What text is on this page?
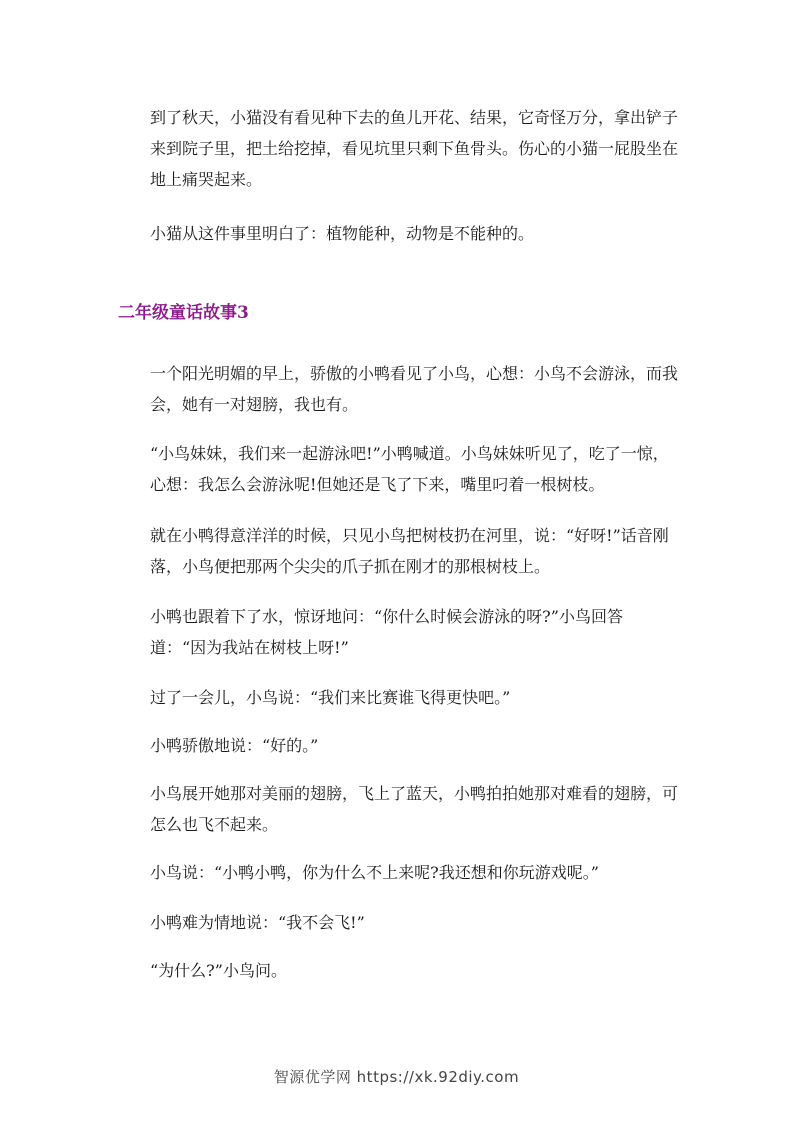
到了秋天，小猫没有看见种下去的鱼儿开花、结果，它奇怪万分，拿出铲子来到院子里，把土给挖掉，看见坑里只剩下鱼骨头。伤心的小猫一屁股坐在地上痛哭起来。

小猫从这件事里明白了：植物能种，动物是不能种的。

二年级童话故事3

一个阳光明媚的早上，骄傲的小鸭看见了小鸟，心想：小鸟不会游泳，而我会，她有一对翅膀，我也有。

“小鸟妹妹，我们来一起游泳吧!”小鸭喊道。小鸟妹妹听见了，吃了一惊，心想：我怎么会游泳呢!但她还是飞了下来，嘴里叼着一根树枝。

就在小鸭得意洋洋的时候，只见小鸟把树枝扔在河里，说：“好呀!”话音刚落，小鸟便把那两个尖尖的爪子抓在刚才的那根树枝上。

小鸭也跟着下了水，惊讶地问：“你什么时候会游泳的呀?”小鸟回答道：“因为我站在树枝上呀!”

过了一会儿，小鸟说：“我们来比赛谁飞得更快吧。”

小鸭骄傲地说：“好的。”

小鸟展开她那对美丽的翅膀，飞上了蓝天，小鸭拍拍她那对难看的翅膀，可怎么也飞不起来。

小鸟说：“小鸭小鸭，你为什么不上来呢?我还想和你玩游戏呢。”

小鸭难为情地说：“我不会飞!”

“为什么?”小鸟问。

智源优学网 https://xk.92diy.com
